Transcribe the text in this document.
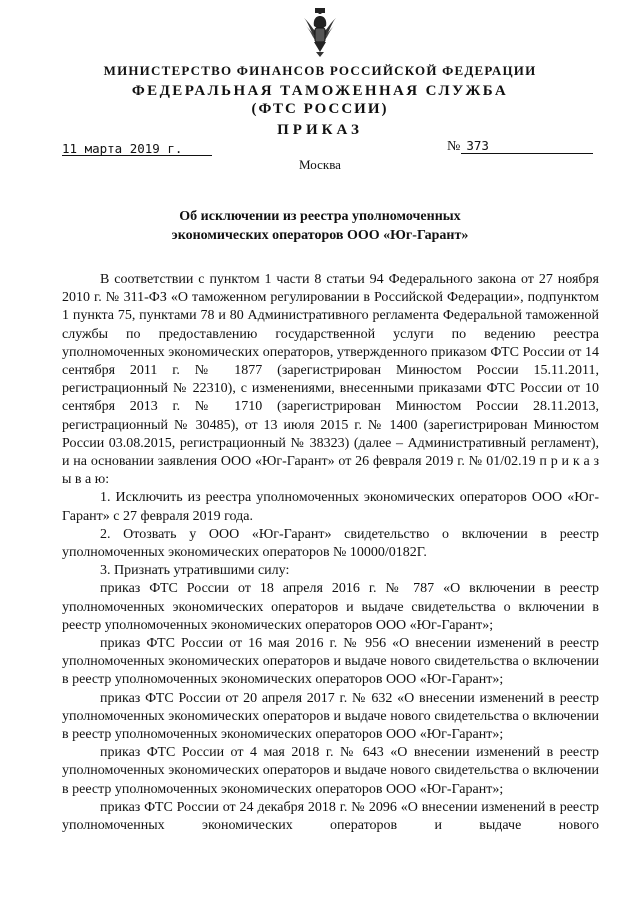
МИНИСТЕРСТВО ФИНАНСОВ РОССИЙСКОЙ ФЕДЕРАЦИИ
ФЕДЕРАЛЬНАЯ ТАМОЖЕННАЯ СЛУЖБА
(ФТС РОССИИ)
ПРИКАЗ
11 марта 2019 г.	№ 373
Москва
Об исключении из реестра уполномоченных
экономических операторов ООО «Юг-Гарант»

В соответствии с пунктом 1 части 8 статьи 94 Федерального закона от 27 ноября 2010 г. № 311-ФЗ «О таможенном регулировании в Российской Федерации», подпунктом 1 пункта 75, пунктами 78 и 80 Административного регламента Федеральной таможенной службы по предоставлению государственной услуги по ведению реестра уполномоченных экономических операторов, утвержденного приказом ФТС России от 14 сентября 2011 г. № 1877 (зарегистрирован Минюстом России 15.11.2011, регистрационный № 22310), с изменениями, внесенными приказами ФТС России от 10 сентября 2013 г. № 1710 (зарегистрирован Минюстом России 28.11.2013, регистрационный № 30485), от 13 июля 2015 г. № 1400 (зарегистрирован Минюстом России 03.08.2015, регистрационный № 38323) (далее – Административный регламент), и на основании заявления ООО «Юг-Гарант» от 26 февраля 2019 г. № 01/02.19 п р и к а з ы в а ю:

1. Исключить из реестра уполномоченных экономических операторов ООО «Юг-Гарант» с 27 февраля 2019 года.

2. Отозвать у ООО «Юг-Гарант» свидетельство о включении в реестр уполномоченных экономических операторов № 10000/0182Г.

3. Признать утратившими силу:

приказ ФТС России от 18 апреля 2016 г. № 787 «О включении в реестр уполномоченных экономических операторов и выдаче свидетельства о включении в реестр уполномоченных экономических операторов ООО «Юг-Гарант»;

приказ ФТС России от 16 мая 2016 г. № 956 «О внесении изменений в реестр уполномоченных экономических операторов и выдаче нового свидетельства о включении в реестр уполномоченных экономических операторов ООО «Юг-Гарант»;

приказ ФТС России от 20 апреля 2017 г. № 632 «О внесении изменений в реестр уполномоченных экономических операторов и выдаче нового свидетельства о включении в реестр уполномоченных экономических операторов ООО «Юг-Гарант»;

приказ ФТС России от 4 мая 2018 г. № 643 «О внесении изменений в реестр уполномоченных экономических операторов и выдаче нового свидетельства о включении в реестр уполномоченных экономических операторов ООО «Юг-Гарант»;

приказ ФТС России от 24 декабря 2018 г. № 2096 «О внесении изменений в реестр уполномоченных экономических операторов и выдаче нового
